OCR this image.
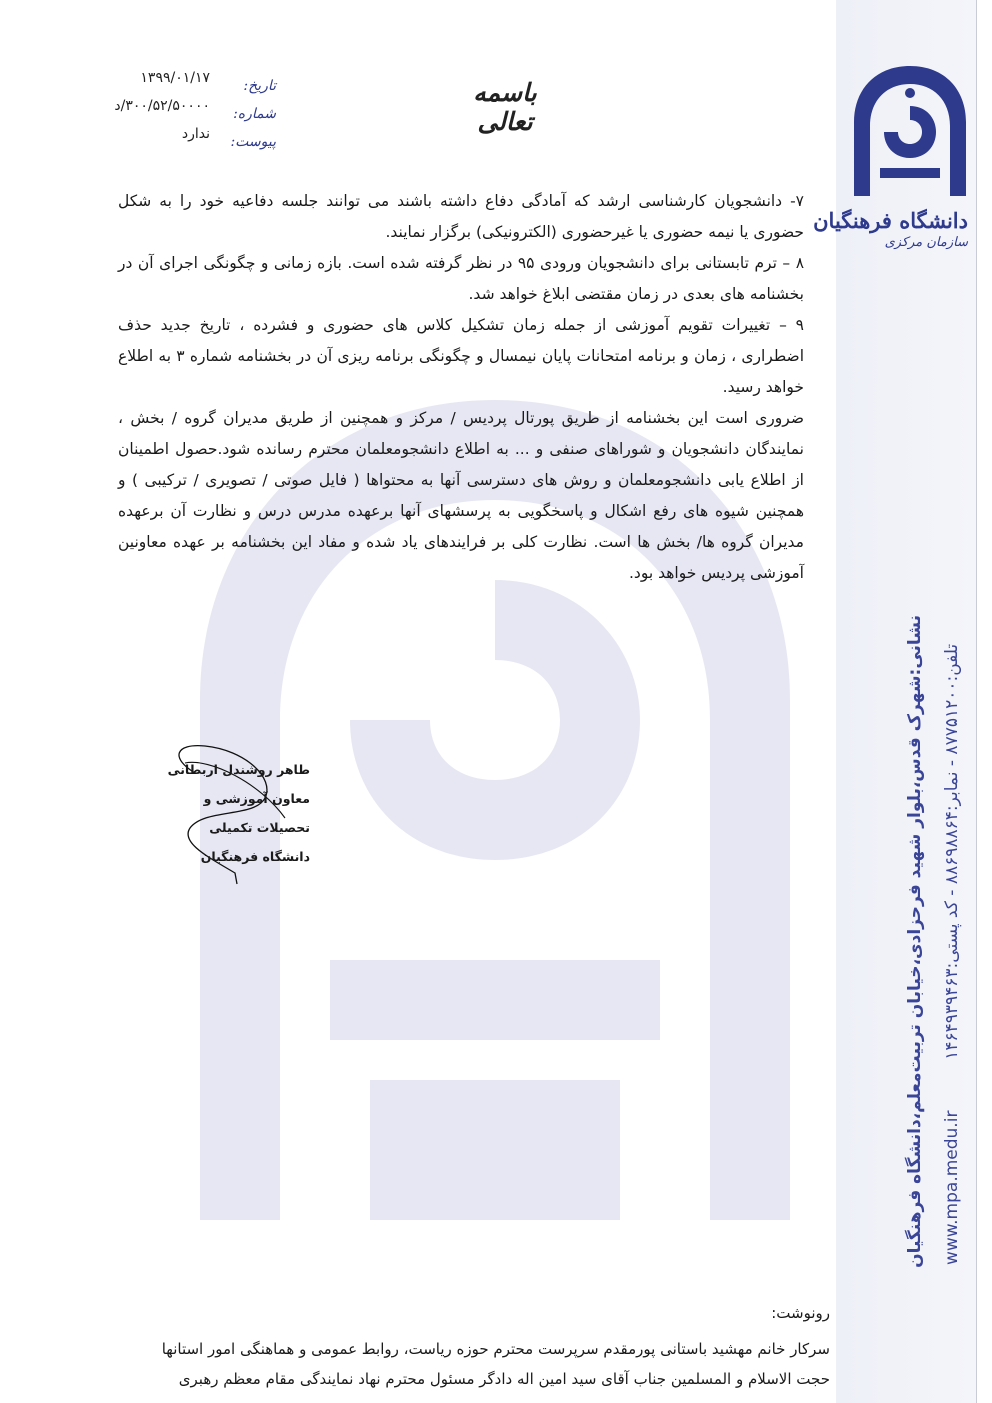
دانشگاه فرهنگیان
سازمان مرکزی
نشانی:شهرک قدس،بلوار شهید فرحزادی،خیابان تربیت‌معلم،دانشگاه فرهنگیان	www.mpa.medu.ir  تلفن:۸۷۷۵۱۲۰۰ - نمابر:۸۸۶۹۸۸۶۴ - کد پستی:۱۴۶۴۹۳۹۴۶۳
باسمه تعالی
تاریخ:
شماره:
پیوست:
۱۳۹۹/۰۱/۱۷
۳۰۰/۵۲/۵۰۰۰۰/د
ندارد

۷- دانشجویان کارشناسی ارشد که آمادگی دفاع داشته باشند می توانند جلسه دفاعیه خود را به شکل حضوری یا نیمه حضوری یا غیرحضوری (الکترونیکی) برگزار نمایند.

۸ – ترم تابستانی برای دانشجویان ورودی ۹۵ در نظر گرفته شده است. بازه زمانی و چگونگی اجرای آن در بخشنامه های بعدی در زمان مقتضی ابلاغ خواهد شد.

۹ – تغییرات تقویم آموزشی از جمله زمان تشکیل کلاس های حضوری و فشرده ، تاریخ جدید حذف اضطراری ، زمان و برنامه امتحانات پایان نیمسال و چگونگی برنامه ریزی آن در بخشنامه شماره ۳ به اطلاع خواهد رسید.

ضروری است این بخشنامه از طریق پورتال پردیس / مرکز و همچنین از طریق مدیران گروه / بخش ، نمایندگان دانشجویان و شوراهای صنفی و ... به اطلاع دانشجومعلمان محترم رسانده شود.حصول اطمینان از اطلاع یابی دانشجومعلمان و روش های دسترسی آنها به محتواها ( فایل صوتی / تصویری / ترکیبی ) و همچنین شیوه های رفع اشکال و پاسخگویی به پرسشهای آنها برعهده مدرس درس و نظارت آن برعهده مدیران گروه ها/ بخش ها است. نظارت کلی بر فرایندهای یاد شده و مفاد این بخشنامه بر عهده معاونین آموزشی پردیس خواهد بود.

طاهر روشندل اربطانی
معاون آموزشی و تحصیلات تکمیلی
دانشگاه فرهنگیان
رونوشت:
سرکار خانم مهشید باستانی پورمقدم سرپرست محترم حوزه ریاست، روابط عمومی و هماهنگی امور استانها
حجت الاسلام و المسلمین جناب آقای سید امین اله دادگر مسئول محترم نهاد نمایندگی مقام معظم رهبری
